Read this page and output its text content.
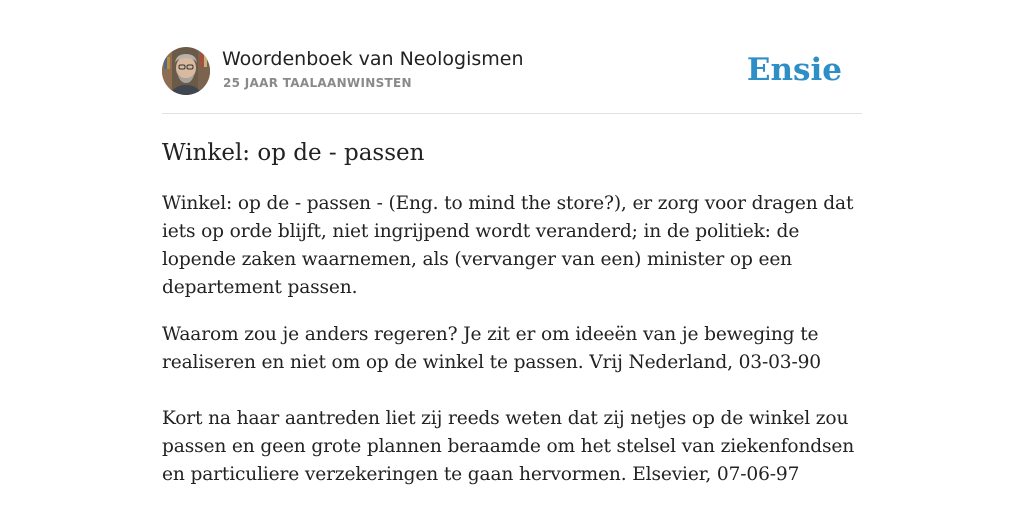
Woordenboek van Neologismen
25 JAAR TAALAANWINSTEN	Ensie
Winkel: op de - passen

Winkel: op de - passen - (Eng. to mind the store?), er zorg voor dragen dat iets op orde blijft, niet ingrijpend wordt veranderd; in de politiek: de lopende zaken waarnemen, als (vervanger van een) minister op een departement passen.

Waarom zou je anders regeren? Je zit er om ideeën van je beweging te realiseren en niet om op de winkel te passen. Vrij Nederland, 03-03-90

Kort na haar aantreden liet zij reeds weten dat zij netjes op de winkel zou passen en geen grote plannen beraamde om het stelsel van ziekenfondsen en particuliere verzekeringen te gaan hervormen. Elsevier, 07-06-97
